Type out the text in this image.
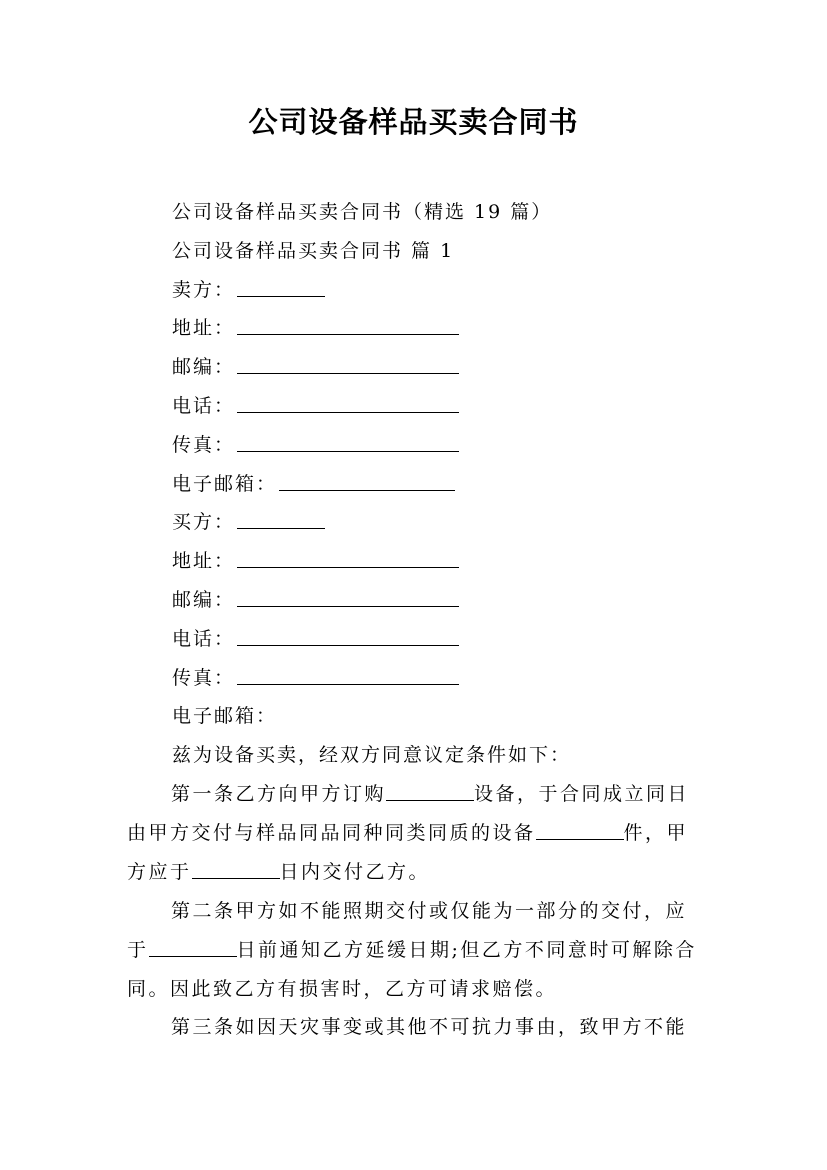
公司设备样品买卖合同书
公司设备样品买卖合同书（精选 19 篇）
公司设备样品买卖合同书 篇 1
卖方：
地址：
邮编：
电话：
传真：
电子邮箱：
买方：
地址：
邮编：
电话：
传真：
电子邮箱：
兹为设备买卖，经双方同意议定条件如下：
第一条乙方向甲方订购	设备，于合同成立同日由甲方交付与样品同品同种同类同质的设备	件，甲方应于	日内交付乙方。
第二条甲方如不能照期交付或仅能为一部分的交付，应于	日前通知乙方延缓日期;但乙方不同意时可解除合同。因此致乙方有损害时，乙方可请求赔偿。
第三条如因天灾事变或其他不可抗力事由，致甲方不能
